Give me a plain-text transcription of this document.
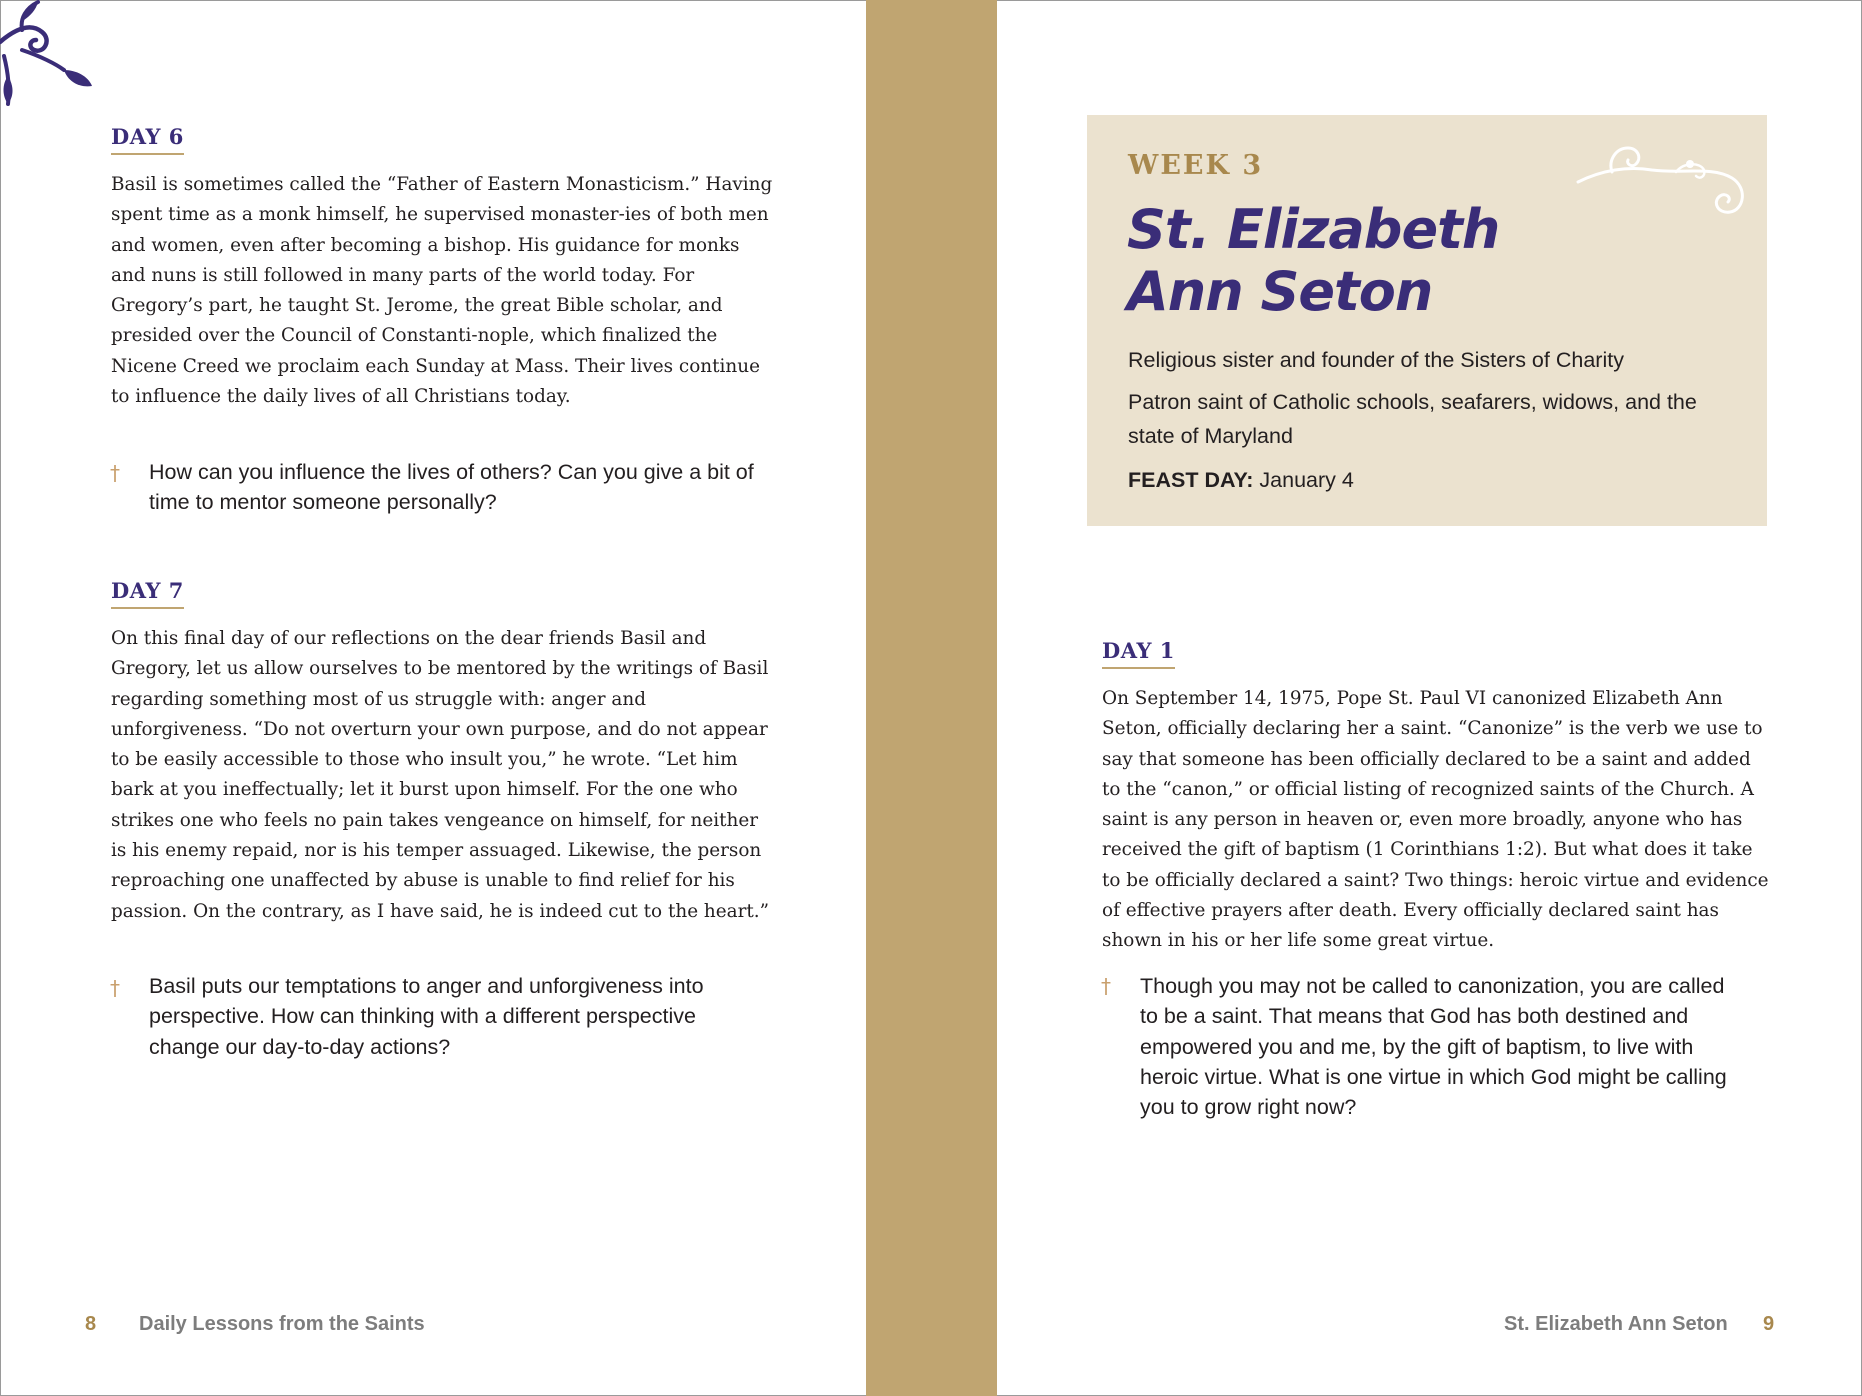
DAY 6

Basil is sometimes called the “Father of Eastern Monasticism.” Having spent time as a monk himself, he supervised monaster-ies of both men and women, even after becoming a bishop. His guidance for monks and nuns is still followed in many parts of the world today. For Gregory’s part, he taught St. Jerome, the great Bible scholar, and presided over the Council of Constanti-nople, which finalized the Nicene Creed we proclaim each Sunday at Mass. Their lives continue to influence the daily lives of all Christians today.

† How can you influence the lives of others? Can you give a bit of time to mentor someone personally?

DAY 7

On this final day of our reflections on the dear friends Basil and Gregory, let us allow ourselves to be mentored by the writings of Basil regarding something most of us struggle with: anger and unforgiveness. “Do not overturn your own purpose, and do not appear to be easily accessible to those who insult you,” he wrote. “Let him bark at you ineffectually; let it burst upon himself. For the one who strikes one who feels no pain takes vengeance on himself, for neither is his enemy repaid, nor is his temper assuaged. Likewise, the person reproaching one unaffected by abuse is unable to find relief for his passion. On the contrary, as I have said, he is indeed cut to the heart.”

† Basil puts our temptations to anger and unforgiveness into perspective. How can thinking with a different perspective change our day-to-day actions?

8 Daily Lessons from the Saints
WEEK 3
St. Elizabeth Ann Seton

Religious sister and founder of the Sisters of Charity

Patron saint of Catholic schools, seafarers, widows, and the state of Maryland

FEAST DAY: January 4

DAY 1

On September 14, 1975, Pope St. Paul VI canonized Elizabeth Ann Seton, officially declaring her a saint. “Canonize” is the verb we use to say that someone has been officially declared to be a saint and added to the “canon,” or official listing of recognized saints of the Church. A saint is any person in heaven or, even more broadly, anyone who has received the gift of baptism (1 Corinthians 1:2). But what does it take to be officially declared a saint? Two things: heroic virtue and evidence of effective prayers after death. Every officially declared saint has shown in his or her life some great virtue.

† Though you may not be called to canonization, you are called to be a saint. That means that God has both destined and empowered you and me, by the gift of baptism, to live with heroic virtue. What is one virtue in which God might be calling you to grow right now?

St. Elizabeth Ann Seton 9
